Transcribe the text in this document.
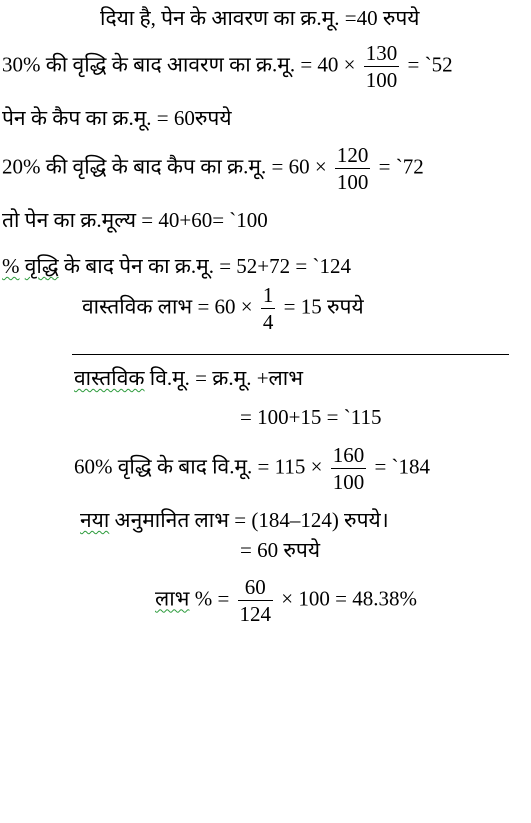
दिया है, पेन के आवरण का क्र.मू. =40 रुपये
30% की वृद्धि के बाद आवरण का क्र.मू. = $40 \times \frac{130}{100}$ = `52
पेन के कैप का क्र.मू. = 60रुपये
20% की वृद्धि के बाद कैप का क्र.मू. = $60 \times \frac{120}{100}$ = `72
तो पेन का क्र.मूल्य = 40+60= `100
% वृद्धि के बाद पेन का क्र.मू. = 52+72 = `124
वास्तविक लाभ = $60 \times \frac{1}{4} = 15$ रुपये
वास्तविक वि.मू. = क्र.मू. +लाभ
= 100+15 = `115
60% वृद्धि के बाद वि.मू. = $115 \times \frac{160}{100}$ = `184
नया अनुमानित लाभ = (184–124) रुपये।
= 60 रुपये
लाभ % = $\frac{60}{124} \times 100 = 48.38\%$
